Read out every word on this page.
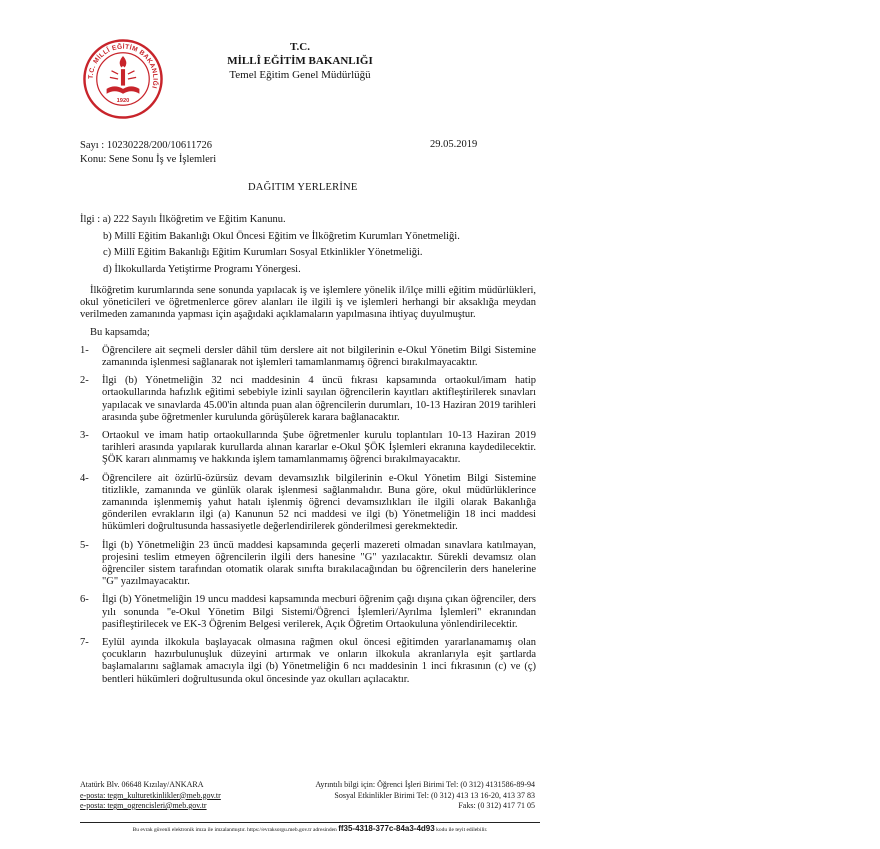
T.C. MİLLÎ EĞİTİM BAKANLIĞI
1920
T.C.
MİLLÎ EĞİTİM BAKANLIĞI
Temel Eğitim Genel Müdürlüğü
Sayı : 10230228/200/10611726	29.05.2019
Konu: Sene Sonu İş ve İşlemleri
DAĞITIM YERLERİNE
İlgi : a) 222 Sayılı İlköğretim ve Eğitim Kanunu.
b) Millî Eğitim Bakanlığı Okul Öncesi Eğitim ve İlköğretim Kurumları Yönetmeliği.
c) Millî Eğitim Bakanlığı Eğitim Kurumları Sosyal Etkinlikler Yönetmeliği.
d) İlkokullarda Yetiştirme Programı Yönergesi.

İlköğretim kurumlarında sene sonunda yapılacak iş ve işlemlere yönelik il/ilçe milli eğitim müdürlükleri, okul yöneticileri ve öğretmenlerce görev alanları ile ilgili iş ve işlemleri herhangi bir aksaklığa meydan verilmeden zamanında yapması için aşağıdaki açıklamaların yapılmasına ihtiyaç duyulmuştur.

Bu kapsamda;

1-	Öğrencilere ait seçmeli dersler dâhil tüm derslere ait not bilgilerinin e-Okul Yönetim Bilgi Sistemine zamanında işlenmesi sağlanarak not işlemleri tamamlanmamış öğrenci bırakılmayacaktır.
2-	İlgi (b) Yönetmeliğin 32 nci maddesinin 4 üncü fıkrası kapsamında ortaokul/imam hatip ortaokullarında hafızlık eğitimi sebebiyle izinli sayılan öğrencilerin kayıtları aktifleştirilerek sınavları yapılacak ve sınavlarda 45.00'in altında puan alan öğrencilerin durumları, 10-13 Haziran 2019 tarihleri arasında şube öğretmenler kurulunda görüşülerek karara bağlanacaktır.
3-	Ortaokul ve imam hatip ortaokullarında Şube öğretmenler kurulu toplantıları 10-13 Haziran 2019 tarihleri arasında yapılarak kurullarda alınan kararlar e-Okul ŞÖK İşlemleri ekranına kaydedilecektir. ŞÖK kararı alınmamış ve hakkında işlem tamamlanmamış öğrenci bırakılmayacaktır.
4-	Öğrencilere ait özürlü-özürsüz devam devamsızlık bilgilerinin e-Okul Yönetim Bilgi Sistemine titizlikle, zamanında ve günlük olarak işlenmesi sağlanmalıdır. Buna göre, okul müdürlüklerince zamanında işlenmemiş yahut hatalı işlenmiş öğrenci devamsızlıkları ile ilgili olarak Bakanlığa gönderilen evrakların ilgi (a) Kanunun 52 nci maddesi ve ilgi (b) Yönetmeliğin 18 inci maddesi hükümleri doğrultusunda hassasiyetle değerlendirilerek gönderilmesi gerekmektedir.
5-	İlgi (b) Yönetmeliğin 23 üncü maddesi kapsamında geçerli mazereti olmadan sınavlara katılmayan, projesini teslim etmeyen öğrencilerin ilgili ders hanesine "G" yazılacaktır. Sürekli devamsız olan öğrenciler sistem tarafından otomatik olarak sınıfta bırakılacağından bu öğrencilerin ders hanelerine "G" yazılmayacaktır.
6-	İlgi (b) Yönetmeliğin 19 uncu maddesi kapsamında mecburi öğrenim çağı dışına çıkan öğrenciler, ders yılı sonunda "e-Okul Yönetim Bilgi Sistemi/Öğrenci İşlemleri/Ayrılma İşlemleri" ekranından pasifleştirilecek ve EK-3 Öğrenim Belgesi verilerek, Açık Öğretim Ortaokuluna yönlendirilecektir.
7-	Eylül ayında ilkokula başlayacak olmasına rağmen okul öncesi eğitimden yararlanamamış olan çocukların hazırbulunuşluk düzeyini artırmak ve onların ilkokula akranlarıyla eşit şartlarda başlamalarını sağlamak amacıyla ilgi (b) Yönetmeliğin 6 ncı maddesinin 1 inci fıkrasının (c) ve (ç) bentleri hükümleri doğrultusunda okul öncesinde yaz okulları açılacaktır.
Atatürk Blv. 06648 Kızılay/ANKARA
e-posta: tegm_kulturetkinlikler@meb.gov.tr
e-posta: tegm_ogrencisleri@meb.gov.tr
Ayrıntılı bilgi için: Öğrenci İşleri Birimi Tel: (0 312) 4131586-89-94
Sosyal Etkinlikler Birimi Tel: (0 312) 413 13 16-20, 413 37 83
Faks: (0 312) 417 71 05
Bu evrak güvenli elektronik imza ile imzalanmıştır. https://evraksorgu.meb.gov.tr adresinden ff35-4318-377c-84a3-4d93 kodu ile teyit edilebilir.
